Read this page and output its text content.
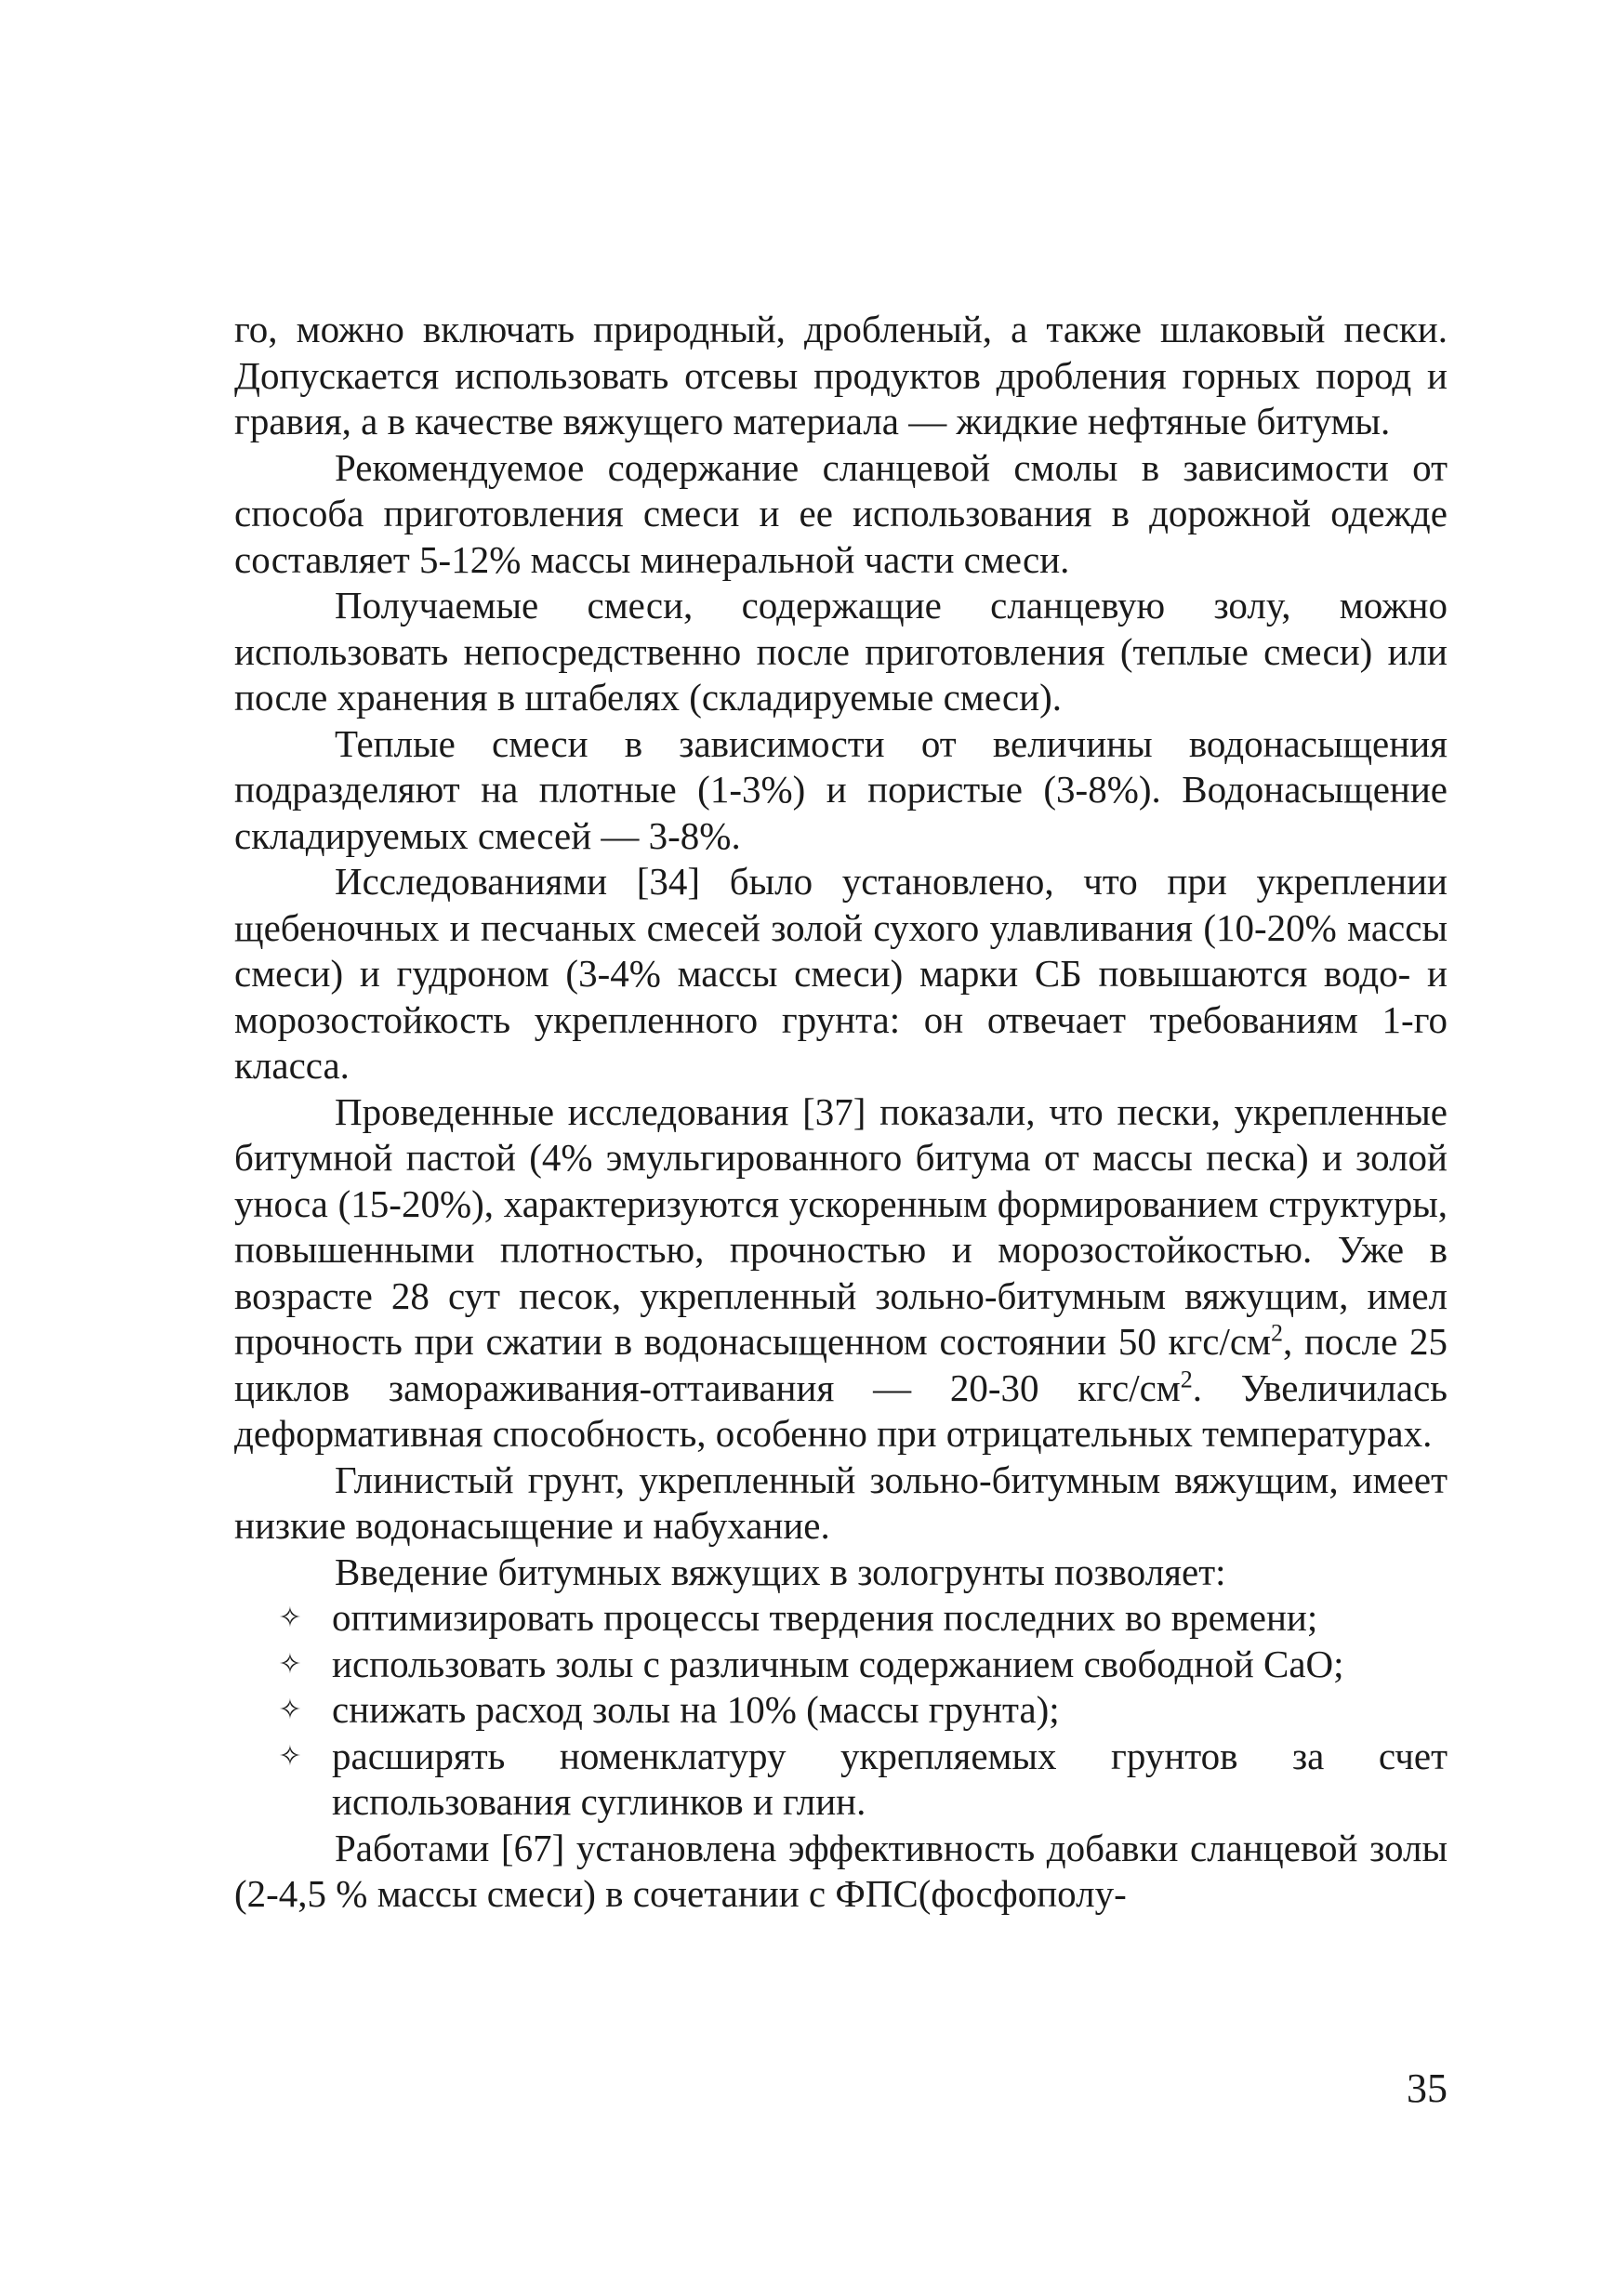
го, можно включать природный, дробленый, а также шлаковый пески. Допускается использовать отсевы продуктов дробления горных пород и гравия, а в качестве вяжущего материала — жидкие нефтяные битумы.

Рекомендуемое содержание сланцевой смолы в зависимости от способа приготовления смеси и ее использования в дорожной одежде составляет 5-12% массы минеральной части смеси.

Получаемые смеси, содержащие сланцевую золу, можно использовать непосредственно после приготовления (теплые смеси) или после хранения в штабелях (складируемые смеси).

Теплые смеси в зависимости от величины водонасыщения подразделяют на плотные (1-3%) и пористые (3-8%). Водонасыщение складируемых смесей — 3-8%.

Исследованиями [34] было установлено, что при укреплении щебеночных и песчаных смесей золой сухого улавливания (10-20% массы смеси) и гудроном (3-4% массы смеси) марки СБ повышаются водо- и морозостойкость укрепленного грунта: он отвечает требованиям 1-го класса.

Проведенные исследования [37] показали, что пески, укрепленные битумной пастой (4% эмульгированного битума от массы песка) и золой уноса (15-20%), характеризуются ускоренным формированием структуры, повышенными плотностью, прочностью и морозостойкостью. Уже в возрасте 28 сут песок, укрепленный зольно-битумным вяжущим, имел прочность при сжатии в водонасыщенном состоянии 50 кгс/$см^2$, после 25 циклов замораживания-оттаивания — 20-30 кгс/$см^2$. Увеличилась деформативная способность, особенно при отрицательных температурах.

Глинистый грунт, укрепленный зольно-битумным вяжущим, имеет низкие водонасыщение и набухание.

Введение битумных вяжущих в зологрунты позволяет:

✧ оптимизировать процессы твердения последних во времени;
✧ использовать золы с различным содержанием свободной CaO;
✧ снижать расход золы на 10% (массы грунта);
✧ расширять номенклатуру укрепляемых грунтов за счет использования суглинков и глин.

Работами [67] установлена эффективность добавки сланцевой золы (2-4,5 % массы смеси) в сочетании с ФПС(фосфополу-

35
